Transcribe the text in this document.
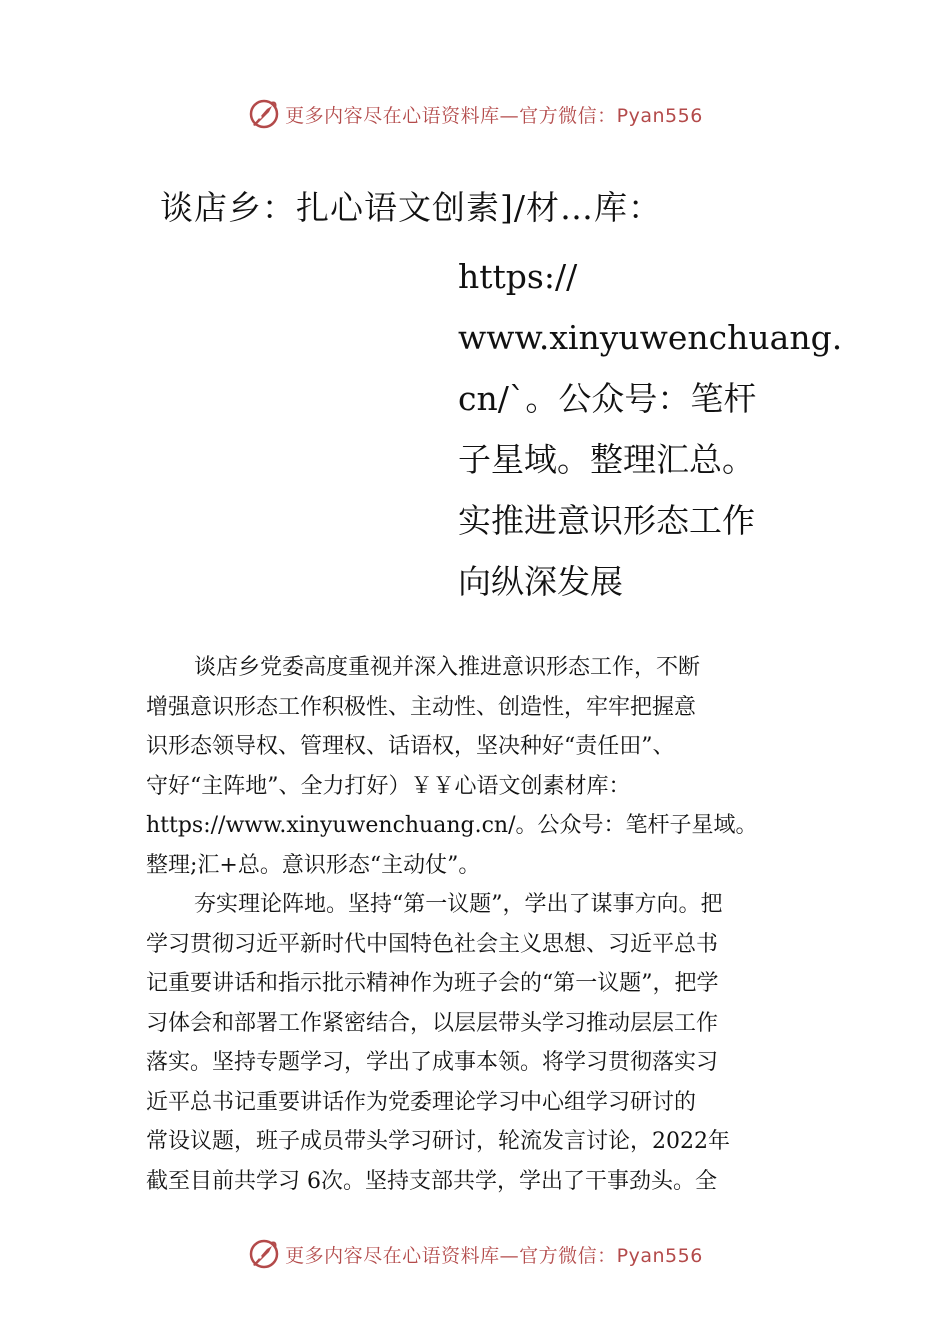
更多内容尽在心语资料库—官方微信：Pyan556
谈店乡：扎心语文创素]/材…库：
https://
www.xinyuwenchuang.
cn/`。公众号：笔杆
子星域。整理汇总。
实推进意识形态工作
向纵深发展
谈店乡党委高度重视并深入推进意识形态工作，不断
增强意识形态工作积极性、主动性、创造性，牢牢把握意
识形态领导权、管理权、话语权，坚决种好“责任田”、
守好“主阵地”、全力打好）￥￥心语文创素材库：
https://www.xinyuwenchuang.cn/。公众号：笔杆子星域。
整理;汇+总。意识形态“主动仗”。
夯实理论阵地。坚持“第一议题”，学出了谋事方向。把
学习贯彻习近平新时代中国特色社会主义思想、习近平总书
记重要讲话和指示批示精神作为班子会的“第一议题”，把学
习体会和部署工作紧密结合，以层层带头学习推动层层工作
落实。坚持专题学习，学出了成事本领。将学习贯彻落实习
近平总书记重要讲话作为党委理论学习中心组学习研讨的
常设议题，班子成员带头学习研讨，轮流发言讨论，2022年
截至目前共学习 6次。坚持支部共学，学出了干事劲头。全
更多内容尽在心语资料库—官方微信：Pyan556
